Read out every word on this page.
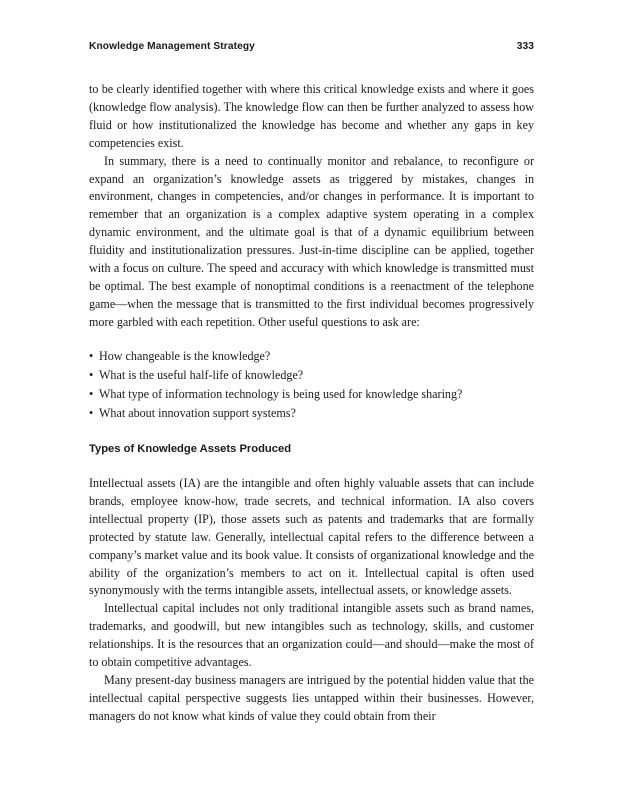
Knowledge Management Strategy	333

to be clearly identified together with where this critical knowledge exists and where it goes (knowledge flow analysis). The knowledge flow can then be further analyzed to assess how fluid or how institutionalized the knowledge has become and whether any gaps in key competencies exist.

In summary, there is a need to continually monitor and rebalance, to reconfigure or expand an organization’s knowledge assets as triggered by mistakes, changes in environment, changes in competencies, and/or changes in performance. It is important to remember that an organization is a complex adaptive system operating in a complex dynamic environment, and the ultimate goal is that of a dynamic equilibrium between fluidity and institutionalization pressures. Just-in-time discipline can be applied, together with a focus on culture. The speed and accuracy with which knowledge is transmitted must be optimal. The best example of nonoptimal conditions is a reenactment of the telephone game—when the message that is transmitted to the first individual becomes progressively more garbled with each repetition. Other useful questions to ask are:

• How changeable is the knowledge?
• What is the useful half-life of knowledge?
• What type of information technology is being used for knowledge sharing?
• What about innovation support systems?
Types of Knowledge Assets Produced

Intellectual assets (IA) are the intangible and often highly valuable assets that can include brands, employee know-how, trade secrets, and technical information. IA also covers intellectual property (IP), those assets such as patents and trademarks that are formally protected by statute law. Generally, intellectual capital refers to the difference between a company’s market value and its book value. It consists of organizational knowledge and the ability of the organization’s members to act on it. Intellectual capital is often used synonymously with the terms intangible assets, intellectual assets, or knowledge assets.

Intellectual capital includes not only traditional intangible assets such as brand names, trademarks, and goodwill, but new intangibles such as technology, skills, and customer relationships. It is the resources that an organization could—and should—make the most of to obtain competitive advantages.

Many present-day business managers are intrigued by the potential hidden value that the intellectual capital perspective suggests lies untapped within their businesses. However, managers do not know what kinds of value they could obtain from their
